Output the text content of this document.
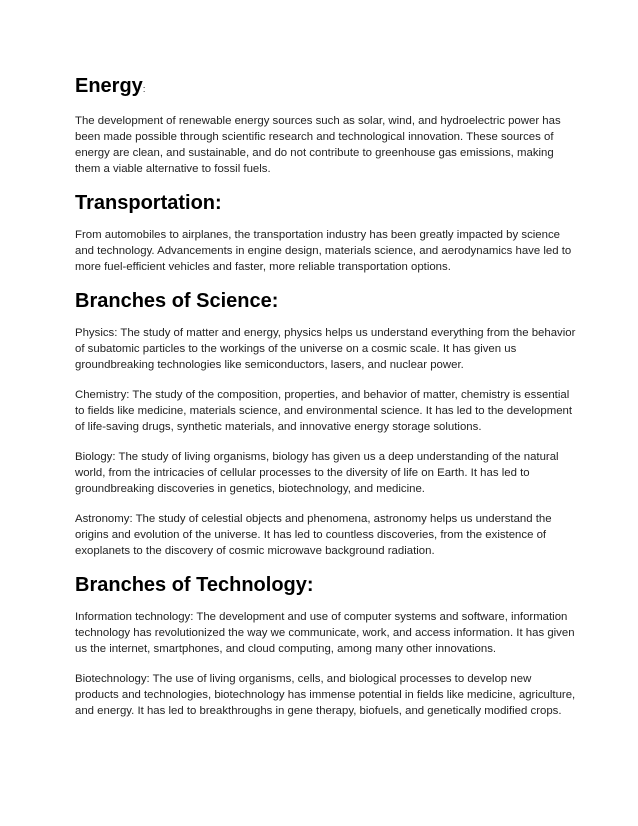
Energy:

The development of renewable energy sources such as solar, wind, and hydroelectric power has been made possible through scientific research and technological innovation. These sources of energy are clean, and sustainable, and do not contribute to greenhouse gas emissions, making them a viable alternative to fossil fuels.

Transportation:

From automobiles to airplanes, the transportation industry has been greatly impacted by science and technology. Advancements in engine design, materials science, and aerodynamics have led to more fuel-efficient vehicles and faster, more reliable transportation options.

Branches of Science:

Physics: The study of matter and energy, physics helps us understand everything from the behavior of subatomic particles to the workings of the universe on a cosmic scale. It has given us groundbreaking technologies like semiconductors, lasers, and nuclear power.

Chemistry: The study of the composition, properties, and behavior of matter, chemistry is essential to fields like medicine, materials science, and environmental science. It has led to the development of life-saving drugs, synthetic materials, and innovative energy storage solutions.

Biology: The study of living organisms, biology has given us a deep understanding of the natural world, from the intricacies of cellular processes to the diversity of life on Earth. It has led to groundbreaking discoveries in genetics, biotechnology, and medicine.

Astronomy: The study of celestial objects and phenomena, astronomy helps us understand the origins and evolution of the universe. It has led to countless discoveries, from the existence of exoplanets to the discovery of cosmic microwave background radiation.

Branches of Technology:

Information technology: The development and use of computer systems and software, information technology has revolutionized the way we communicate, work, and access information. It has given us the internet, smartphones, and cloud computing, among many other innovations.

Biotechnology: The use of living organisms, cells, and biological processes to develop new products and technologies, biotechnology has immense potential in fields like medicine, agriculture, and energy. It has led to breakthroughs in gene therapy, biofuels, and genetically modified crops.
